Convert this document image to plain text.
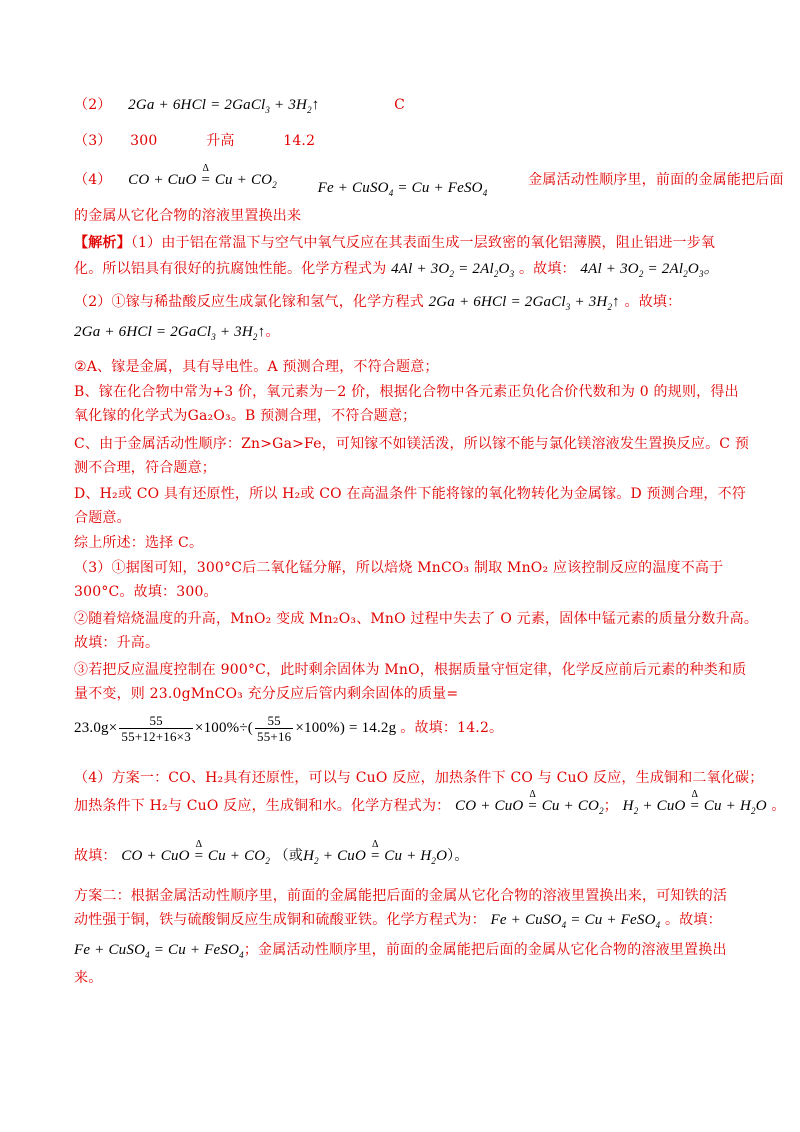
（2） 2Ga + 6HCl = 2GaCl$_3$ + $3H_2↑$	C
（3） 300	升高	14.2
（4） CO + CuO $\Delta = Cu + CO_2$	Fe + CuSO$_4$ = Cu + FeSO$_4$ 金属活动性顺序里，前面的金属能把后面
的金属从它化合物的溶液里置换出来
【解析】（1）由于铝在常温下与空气中氧气反应在其表面生成一层致密的氧化铝薄膜，阻止铝进一步氧
化。所以铝具有很好的抗腐蚀性能。化学方程式为 $4Al + 3O_2 = 2Al_2O_3$ 。故填： $4Al + 3O_2 = 2Al_2O_3$。
（2）①镓与稀盐酸反应生成氯化镓和氢气，化学方程式 2Ga + 6HCl = 2GaCl$_3$ + $3H_2↑$ 。故填：
2Ga + 6HCl = 2GaCl$_3$ + $3H_2↑$。
②A、镓是金属，具有导电性。A 预测合理，不符合题意；
B、镓在化合物中常为+3 价，氧元素为－2 价，根据化合物中各元素正负化合价代数和为 0 的规则，得出
氧化镓的化学式为Ga₂O₃。B 预测合理，不符合题意；
C、由于金属活动性顺序：Zn>Ga>Fe，可知镓不如镁活泼，所以镓不能与氯化镁溶液发生置换反应。C 预
测不合理，符合题意；
D、H₂或 CO 具有还原性，所以 H₂或 CO 在高温条件下能将镓的氧化物转化为金属镓。D 预测合理，不符
合题意。
综上所述：选择 C。
（3）①据图可知，300°C后二氧化锰分解，所以焙烧 MnCO₃ 制取 MnO₂ 应该控制反应的温度不高于
300°C。故填：300。
②随着焙烧温度的升高，MnO₂ 变成 Mn₂O₃、MnO 过程中失去了 O 元素，固体中锰元素的质量分数升高。
故填：升高。
③若把反应温度控制在 900°C，此时剩余固体为 MnO，根据质量守恒定律，化学反应前后元素的种类和质
量不变，则 23.0gMnCO₃ 充分反应后管内剩余固体的质量=
$23.0g\times \frac{55}{55+12+16\times 3} \times 100\%\div( \frac{55}{55+16} \times 100\%) = 14.2g$ 。故填：14.2。
（4）方案一：CO、H₂具有还原性，可以与 CuO 反应，加热条件下 CO 与 CuO 反应，生成铜和二氧化碳；
加热条件下 H₂与 CuO 反应，生成铜和水。化学方程式为： CO + CuO $\Delta = Cu + CO_2$； $H_2$ + CuO $\Delta = Cu + H_2O$ 。
故填： CO + CuO $\Delta = Cu + CO_2$ （或$H_2$ + CuO $\Delta = Cu + H_2O$）。
方案二：根据金属活动性顺序里，前面的金属能把后面的金属从它化合物的溶液里置换出来，可知铁的活
动性强于铜，铁与硫酸铜反应生成铜和硫酸亚铁。化学方程式为： Fe + CuSO$_4$ = Cu + FeSO$_4$ 。故填：
Fe + CuSO$_4$ = Cu + FeSO$_4$；金属活动性顺序里，前面的金属能把后面的金属从它化合物的溶液里置换出
来。
